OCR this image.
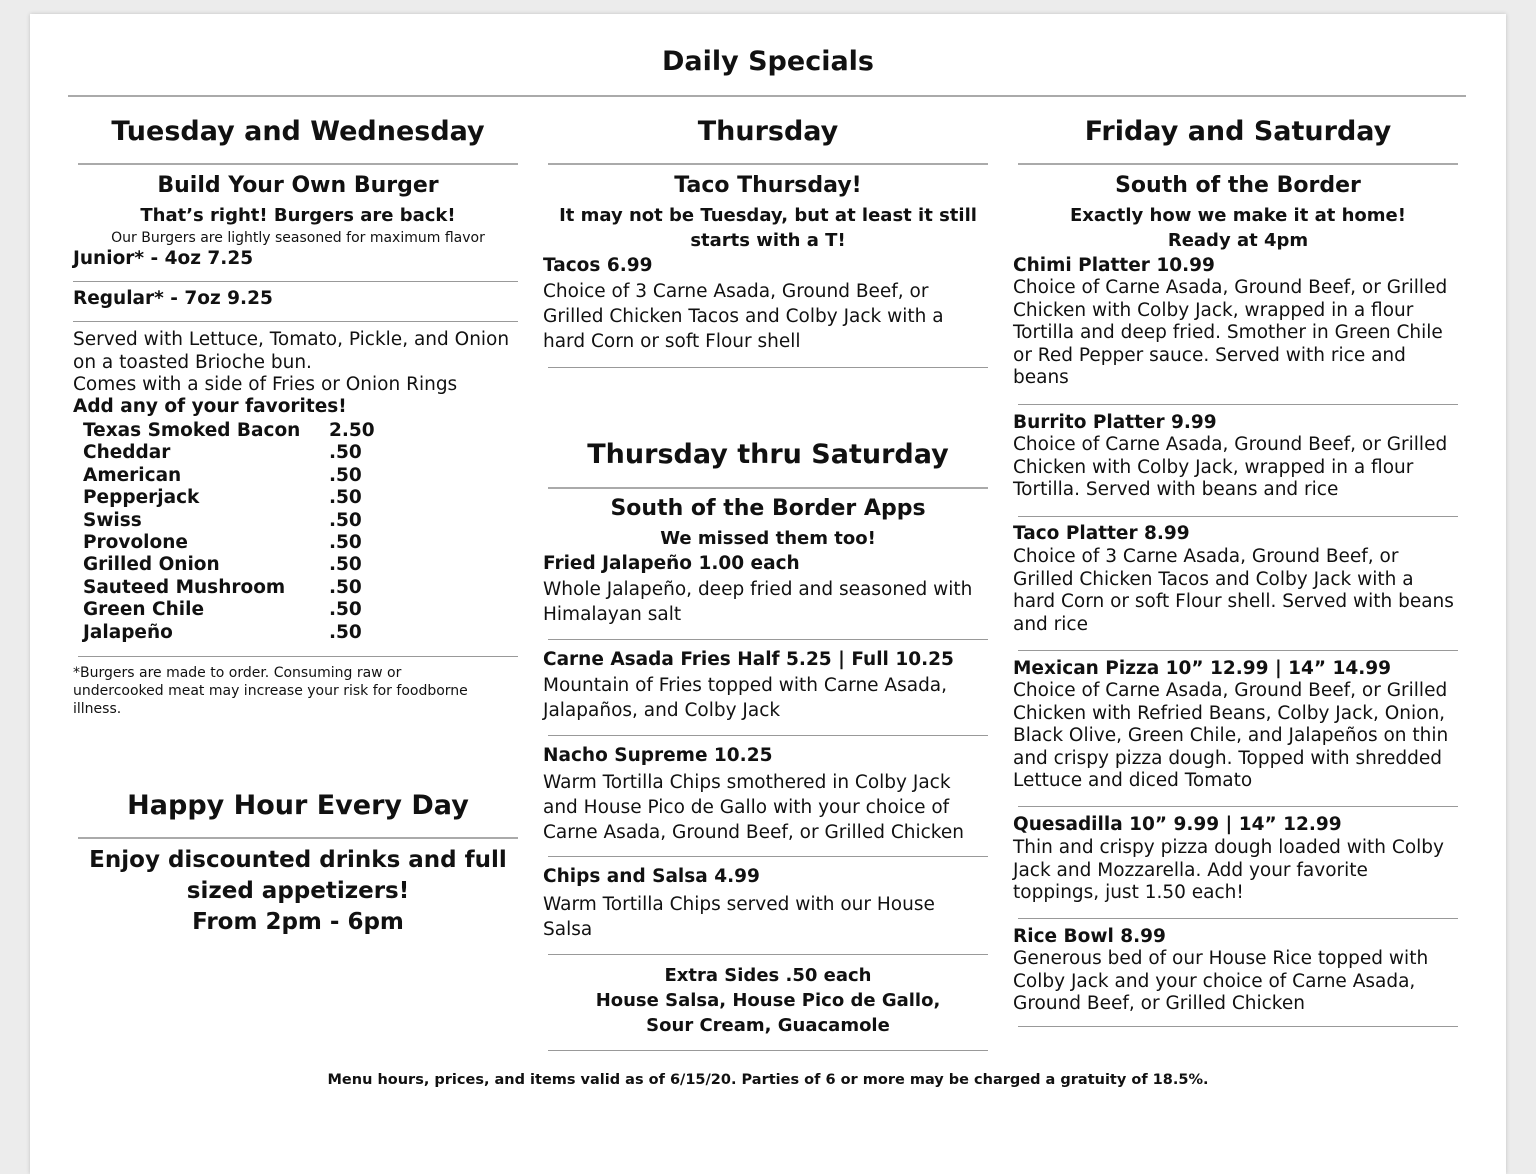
Daily Specials
Tuesday and Wednesday
Build Your Own Burger
That’s right! Burgers are back!
Our Burgers are lightly seasoned for maximum flavor
Junior* - 4oz 7.25
Regular* - 7oz 9.25
Served with Lettuce, Tomato, Pickle, and Onion
on a toasted Brioche bun.
Comes with a side of Fries or Onion Rings
Add any of your favorites!
Texas Smoked Bacon 2.50
Cheddar	.50
American	.50
Pepperjack	.50
Swiss	.50
Provolone	.50
Grilled Onion	.50
Sauteed Mushroom .50
Green Chile	.50
Jalapeño	.50
*Burgers are made to order. Consuming raw or
undercooked meat may increase your risk for foodborne
illness.
Happy Hour Every Day
Enjoy discounted drinks and full
sized appetizers!
From 2pm - 6pm
Thursday
Taco Thursday!
It may not be Tuesday, but at least it still
starts with a T!
Tacos 6.99
Choice of 3 Carne Asada, Ground Beef, or
Grilled Chicken Tacos and Colby Jack with a
hard Corn or soft Flour shell
Thursday thru Saturday
South of the Border Apps
We missed them too!
Fried Jalapeño 1.00 each
Whole Jalapeño, deep fried and seasoned with
Himalayan salt
Carne Asada Fries Half 5.25 | Full 10.25
Mountain of Fries topped with Carne Asada,
Jalapaños, and Colby Jack
Nacho Supreme 10.25
Warm Tortilla Chips smothered in Colby Jack
and House Pico de Gallo with your choice of
Carne Asada, Ground Beef, or Grilled Chicken
Chips and Salsa 4.99
Warm Tortilla Chips served with our House
Salsa
Extra Sides .50 each
House Salsa, House Pico de Gallo,
Sour Cream, Guacamole
Friday and Saturday
South of the Border
Exactly how we make it at home!
Ready at 4pm
Chimi Platter 10.99
Choice of Carne Asada, Ground Beef, or Grilled
Chicken with Colby Jack, wrapped in a flour
Tortilla and deep fried. Smother in Green Chile
or Red Pepper sauce. Served with rice and
beans
Burrito Platter 9.99
Choice of Carne Asada, Ground Beef, or Grilled
Chicken with Colby Jack, wrapped in a flour
Tortilla. Served with beans and rice
Taco Platter 8.99
Choice of 3 Carne Asada, Ground Beef, or
Grilled Chicken Tacos and Colby Jack with a
hard Corn or soft Flour shell. Served with beans
and rice
Mexican Pizza 10” 12.99 | 14” 14.99
Choice of Carne Asada, Ground Beef, or Grilled
Chicken with Refried Beans, Colby Jack, Onion,
Black Olive, Green Chile, and Jalapeños on thin
and crispy pizza dough. Topped with shredded
Lettuce and diced Tomato
Quesadilla 10” 9.99 | 14” 12.99
Thin and crispy pizza dough loaded with Colby
Jack and Mozzarella. Add your favorite
toppings, just 1.50 each!
Rice Bowl 8.99
Generous bed of our House Rice topped with
Colby Jack and your choice of Carne Asada,
Ground Beef, or Grilled Chicken
Menu hours, prices, and items valid as of 6/15/20. Parties of 6 or more may be charged a gratuity of 18.5%.
